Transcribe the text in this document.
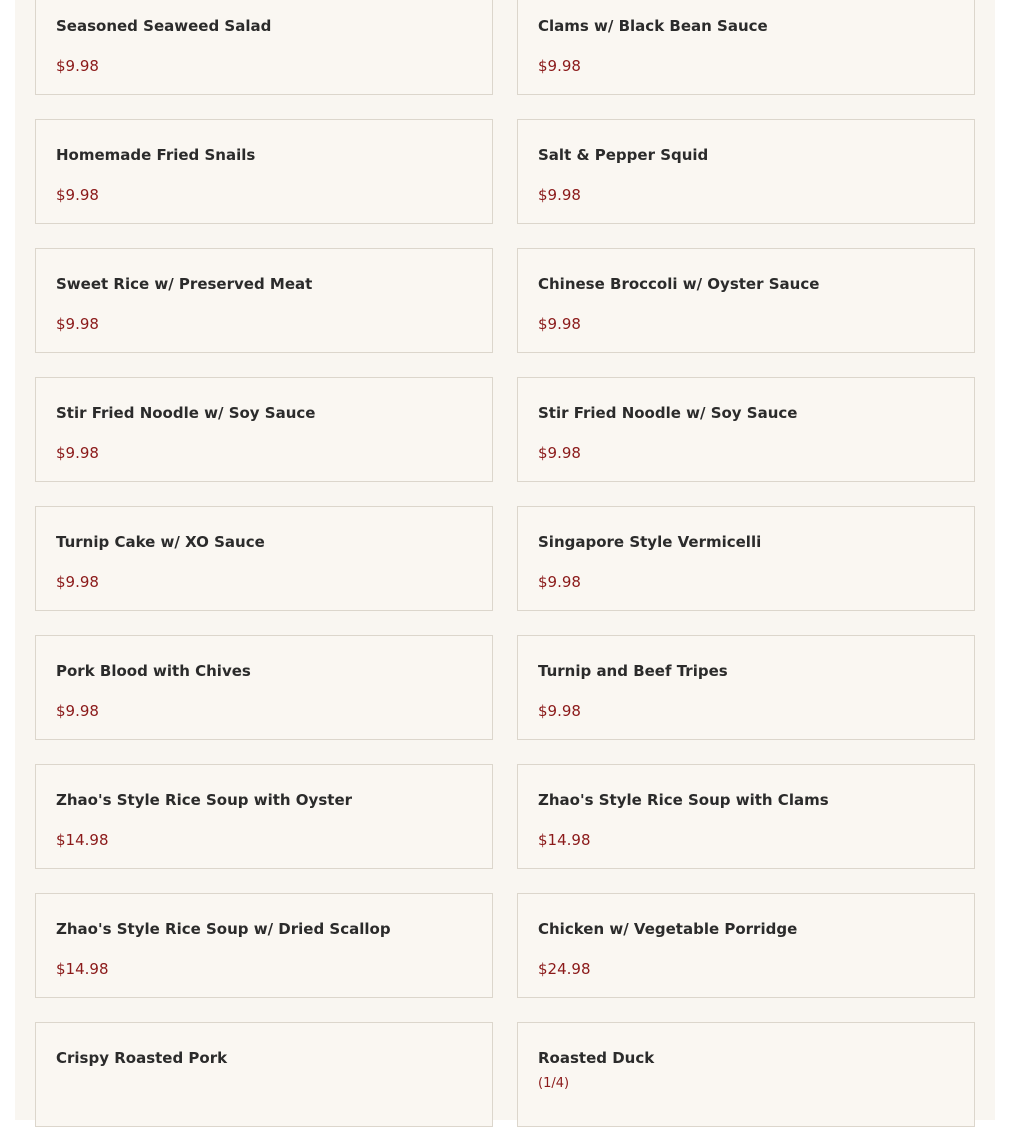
Seasoned Seaweed Salad
$9.98
Clams w/ Black Bean Sauce
$9.98
Homemade Fried Snails
$9.98
Salt & Pepper Squid
$9.98
Sweet Rice w/ Preserved Meat
$9.98
Chinese Broccoli w/ Oyster Sauce
$9.98
Stir Fried Noodle w/ Soy Sauce
$9.98
Stir Fried Noodle w/ Soy Sauce
$9.98
Turnip Cake w/ XO Sauce
$9.98
Singapore Style Vermicelli
$9.98
Pork Blood with Chives
$9.98
Turnip and Beef Tripes
$9.98
Zhao's Style Rice Soup with Oyster
$14.98
Zhao's Style Rice Soup with Clams
$14.98
Zhao's Style Rice Soup w/ Dried Scallop
$14.98
Chicken w/ Vegetable Porridge
$24.98
Crispy Roasted Pork	Roasted Duck
(1/4)
